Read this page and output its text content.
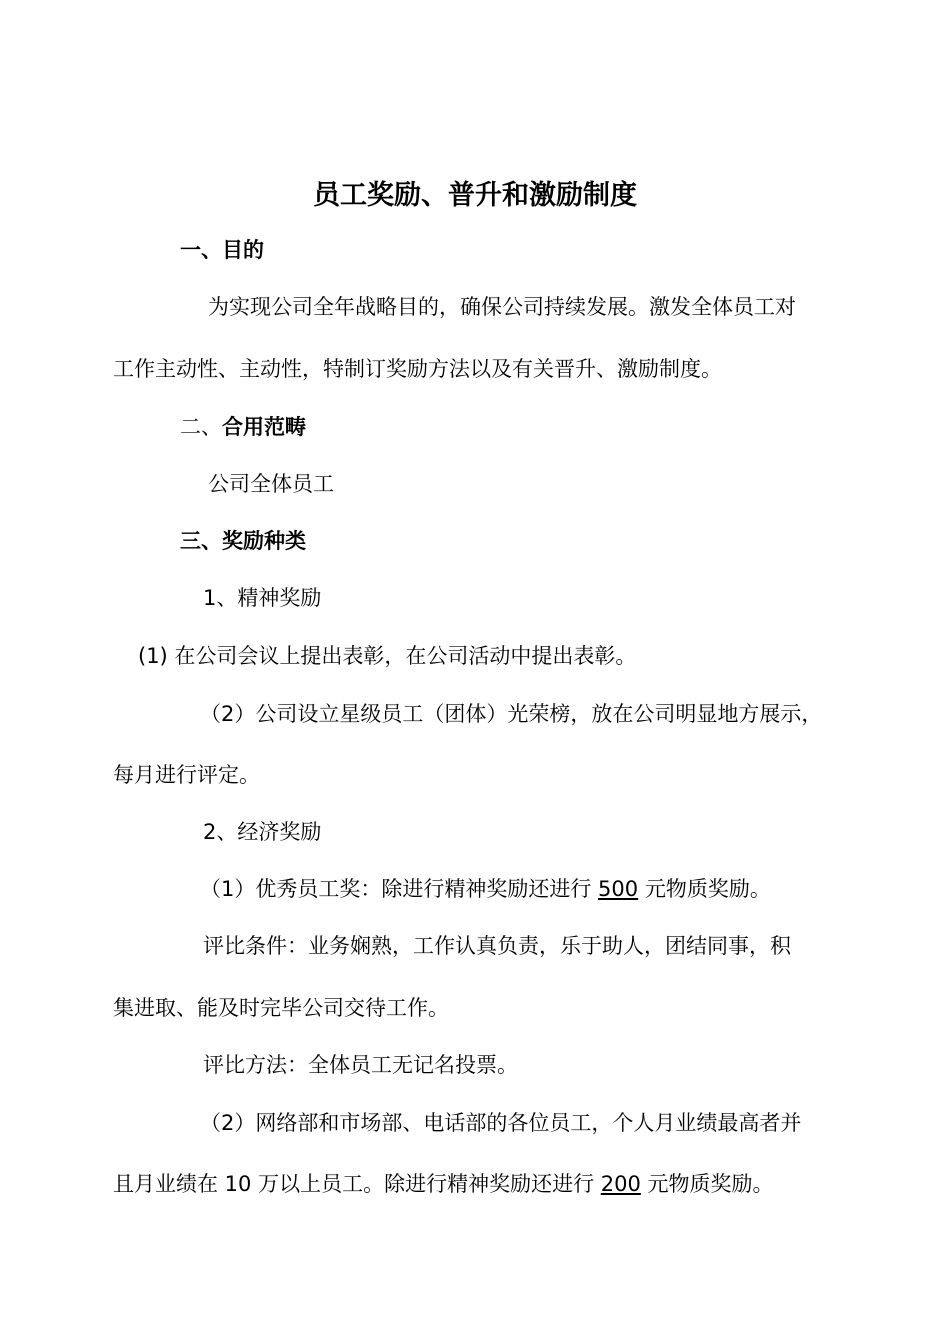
员工奖励、普升和激励制度
一、目的
为实现公司全年战略目的，确保公司持续发展。激发全体员工对
工作主动性、主动性，特制订奖励方法以及有关晋升、激励制度。
二、合用范畴
公司全体员工
三、奖励种类
1、精神奖励
(1) 在公司会议上提出表彰，在公司活动中提出表彰。
（2）公司设立星级员工（团体）光荣榜，放在公司明显地方展示，
每月进行评定。
2、经济奖励
（1）优秀员工奖：除进行精神奖励还进行 500 元物质奖励。
评比条件：业务娴熟，工作认真负责，乐于助人，团结同事，积
集进取、能及时完毕公司交待工作。
评比方法：全体员工无记名投票。
（2）网络部和市场部、电话部的各位员工，个人月业绩最高者并
且月业绩在 10 万以上员工。除进行精神奖励还进行 200 元物质奖励。
